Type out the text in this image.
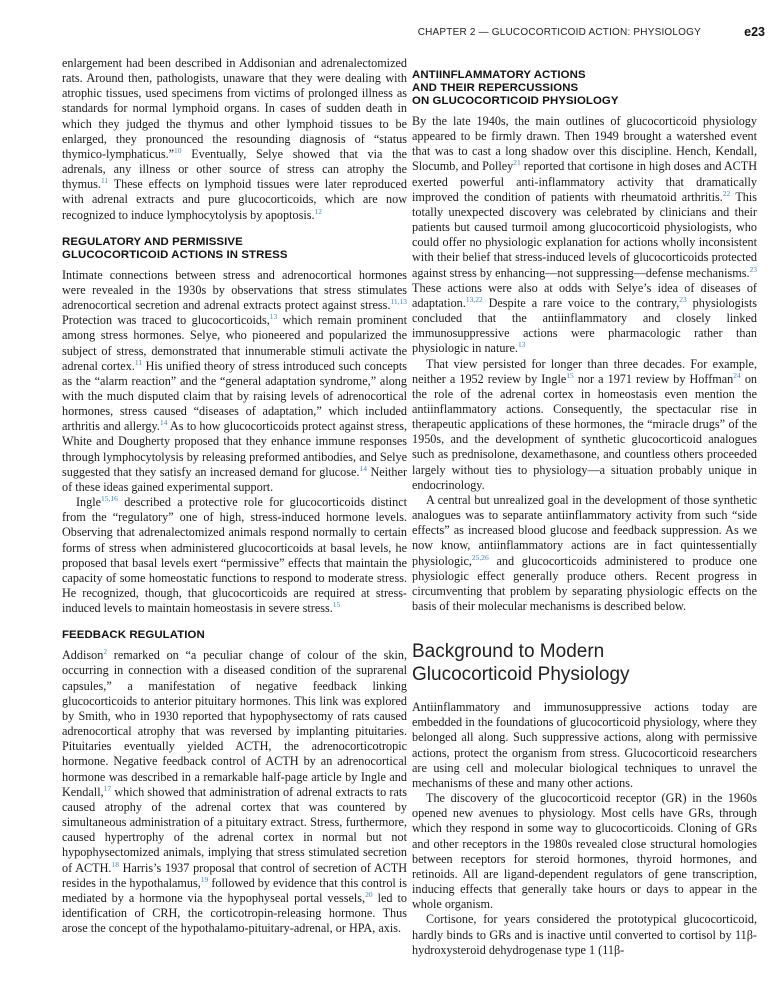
CHAPTER 2 — GLUCOCORTICOID ACTION: PHYSIOLOGY	e23

enlargement had been described in Addisonian and adrenalectomized rats. Around then, pathologists, unaware that they were dealing with atrophic tissues, used specimens from victims of prolonged illness as standards for normal lymphoid organs. In cases of sudden death in which they judged the thymus and other lymphoid tissues to be enlarged, they pronounced the resounding diagnosis of “status thymico-lymphaticus.”$^{10}$ Eventually, Selye showed that via the adrenals, any illness or other source of stress can atrophy the thymus.$^{11}$ These effects on lymphoid tissues were later reproduced with adrenal extracts and pure glucocorticoids, which are now recognized to induce lymphocytolysis by apoptosis.$^{12}$

REGULATORY AND PERMISSIVE
GLUCOCORTICOID ACTIONS IN STRESS

Intimate connections between stress and adrenocortical hormones were revealed in the 1930s by observations that stress stimulates adrenocortical secretion and adrenal extracts protect against stress.$^{11,13}$ Protection was traced to glucocorticoids,$^{13}$ which remain prominent among stress hormones. Selye, who pioneered and popularized the subject of stress, demonstrated that innumerable stimuli activate the adrenal cortex.$^{11}$ His unified theory of stress introduced such concepts as the “alarm reaction” and the “general adaptation syndrome,” along with the much disputed claim that by raising levels of adrenocortical hormones, stress caused “diseases of adaptation,” which included arthritis and allergy.$^{14}$ As to how glucocorticoids protect against stress, White and Dougherty proposed that they enhance immune responses through lymphocytolysis by releasing preformed antibodies, and Selye suggested that they satisfy an increased demand for glucose.$^{14}$ Neither of these ideas gained experimental support.

Ingle$^{15,16}$ described a protective role for glucocorticoids distinct from the “regulatory” one of high, stress-induced hormone levels. Observing that adrenalectomized animals respond normally to certain forms of stress when administered glucocorticoids at basal levels, he proposed that basal levels exert “permissive” effects that maintain the capacity of some homeostatic functions to respond to moderate stress. He recognized, though, that glucocorticoids are required at stress-induced levels to maintain homeostasis in severe stress.$^{15}$

FEEDBACK REGULATION

Addison$^2$ remarked on “a peculiar change of colour of the skin, occurring in connection with a diseased condition of the suprarenal capsules,” a manifestation of negative feedback linking glucocorticoids to anterior pituitary hormones. This link was explored by Smith, who in 1930 reported that hypophysectomy of rats caused adrenocortical atrophy that was reversed by implanting pituitaries. Pituitaries eventually yielded ACTH, the adrenocorticotropic hormone. Negative feedback control of ACTH by an adrenocortical hormone was described in a remarkable half-page article by Ingle and Kendall,$^{17}$ which showed that administration of adrenal extracts to rats caused atrophy of the adrenal cortex that was countered by simultaneous administration of a pituitary extract. Stress, furthermore, caused hypertrophy of the adrenal cortex in normal but not hypophysectomized animals, implying that stress stimulated secretion of ACTH.$^{18}$ Harris’s 1937 proposal that control of secretion of ACTH resides in the hypothalamus,$^{19}$ followed by evidence that this control is mediated by a hormone via the hypophyseal portal vessels,$^{20}$ led to identification of CRH, the corticotropin-releasing hormone. Thus arose the concept of the hypothalamo-pituitary-adrenal, or HPA, axis.

ANTIINFLAMMATORY ACTIONS
AND THEIR REPERCUSSIONS
ON GLUCOCORTICOID PHYSIOLOGY

By the late 1940s, the main outlines of glucocorticoid physiology appeared to be firmly drawn. Then 1949 brought a watershed event that was to cast a long shadow over this discipline. Hench, Kendall, Slocumb, and Polley$^{21}$ reported that cortisone in high doses and ACTH exerted powerful anti-inflammatory activity that dramatically improved the condition of patients with rheumatoid arthritis.$^{22}$ This totally unexpected discovery was celebrated by clinicians and their patients but caused turmoil among glucocorticoid physiologists, who could offer no physiologic explanation for actions wholly inconsistent with their belief that stress-induced levels of glucocorticoids protected against stress by enhancing—not suppressing—defense mechanisms.$^{23}$ These actions were also at odds with Selye’s idea of diseases of adaptation.$^{13,22}$ Despite a rare voice to the contrary,$^{23}$ physiologists concluded that the antiinflammatory and closely linked immunosuppressive actions were pharmacologic rather than physiologic in nature.$^{13}$

That view persisted for longer than three decades. For example, neither a 1952 review by Ingle$^{15}$ nor a 1971 review by Hoffman$^{24}$ on the role of the adrenal cortex in homeostasis even mention the antiinflammatory actions. Consequently, the spectacular rise in therapeutic applications of these hormones, the “miracle drugs” of the 1950s, and the development of synthetic glucocorticoid analogues such as prednisolone, dexamethasone, and countless others proceeded largely without ties to physiology—a situation probably unique in endocrinology.

A central but unrealized goal in the development of those synthetic analogues was to separate antiinflammatory activity from such “side effects” as increased blood glucose and feedback suppression. As we now know, antiinflammatory actions are in fact quintessentially physiologic,$^{25,26}$ and glucocorticoids administered to produce one physiologic effect generally produce others. Recent progress in circumventing that problem by separating physiologic effects on the basis of their molecular mechanisms is described below.

Background to Modern
Glucocorticoid Physiology

Antiinflammatory and immunosuppressive actions today are embedded in the foundations of glucocorticoid physiology, where they belonged all along. Such suppressive actions, along with permissive actions, protect the organism from stress. Glucocorticoid researchers are using cell and molecular biological techniques to unravel the mechanisms of these and many other actions.

The discovery of the glucocorticoid receptor (GR) in the 1960s opened new avenues to physiology. Most cells have GRs, through which they respond in some way to glucocorticoids. Cloning of GRs and other receptors in the 1980s revealed close structural homologies between receptors for steroid hormones, thyroid hormones, and retinoids. All are ligand-dependent regulators of gene transcription, inducing effects that generally take hours or days to appear in the whole organism.

Cortisone, for years considered the prototypical glucocorticoid, hardly binds to GRs and is inactive until converted to cortisol by 11β-hydroxysteroid dehydrogenase type 1 (11β-
